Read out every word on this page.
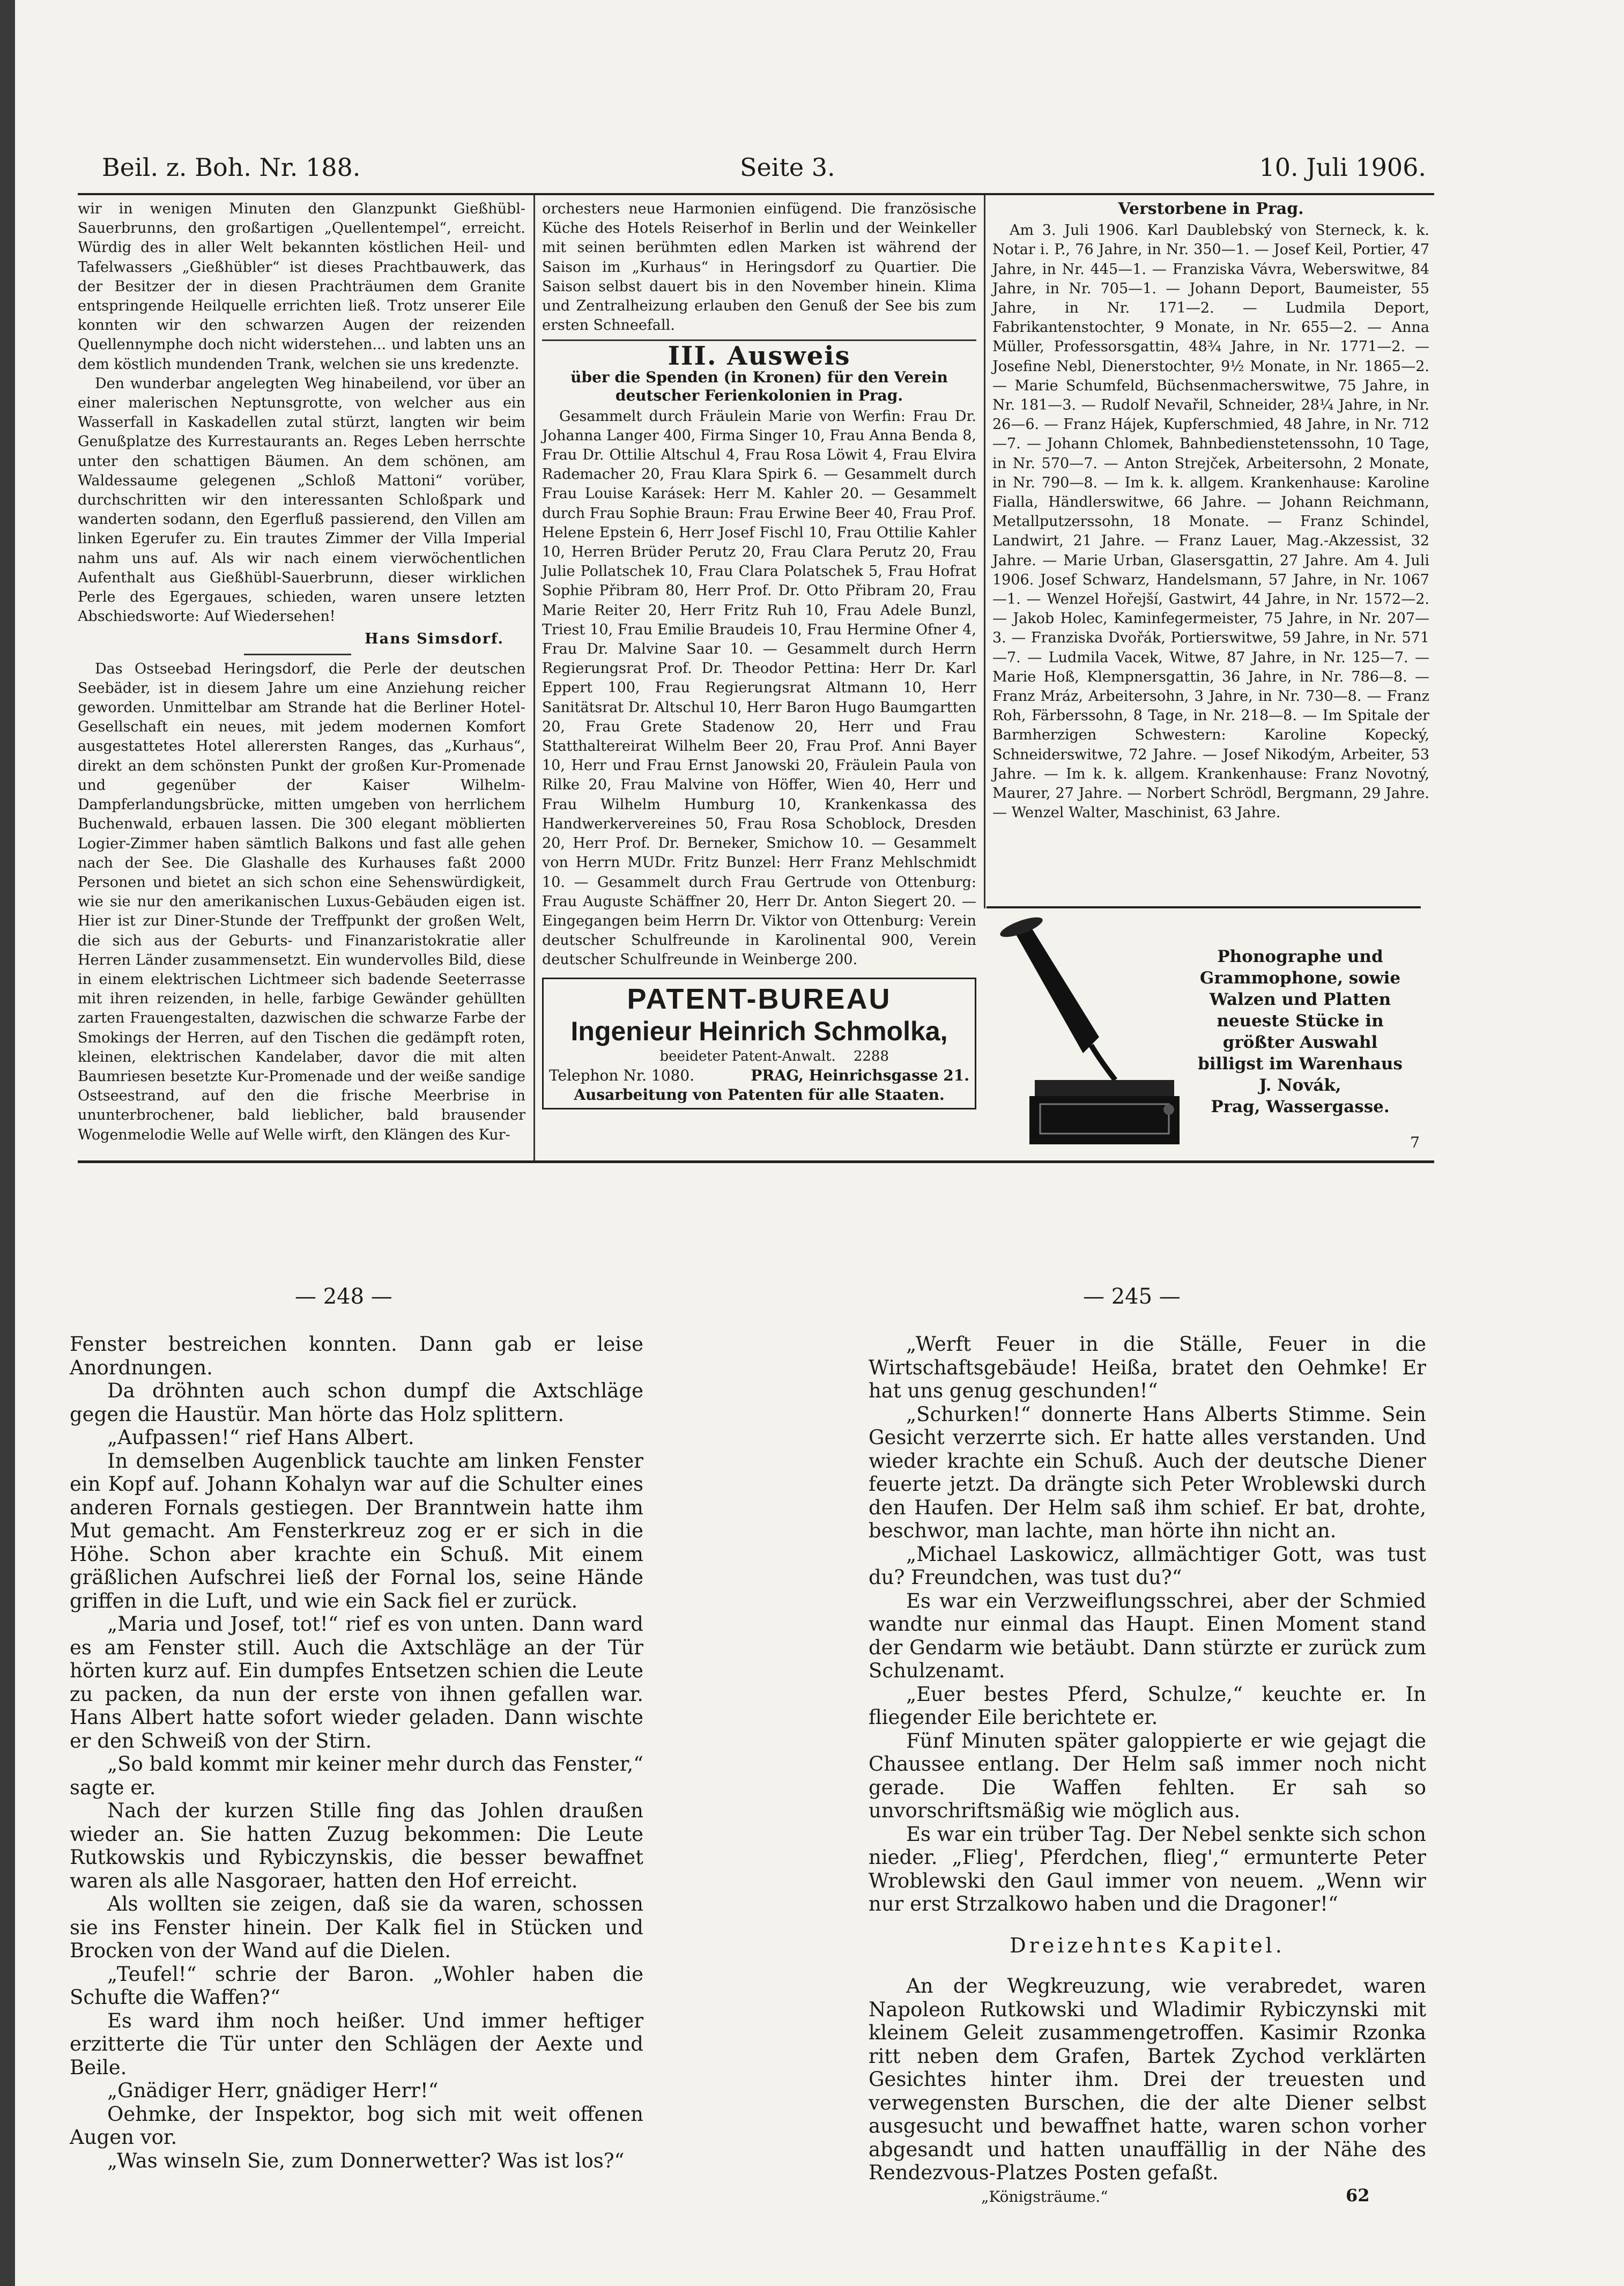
Beil. z. Boh. Nr. 188.	Seite 3.	10. Juli 1906.

wir in wenigen Minuten den Glanzpunkt Gießhübl-Sauerbrunns, den großartigen „Quellentempel“, erreicht. Würdig des in aller Welt bekannten köstlichen Heil- und Tafelwassers „Gießhübler“ ist dieses Prachtbauwerk, das der Besitzer der in diesen Prachträumen dem Granite entspringende Heilquelle errichten ließ. Trotz unserer Eile konnten wir den schwarzen Augen der reizenden Quellennymphe doch nicht widerstehen... und labten uns an dem köstlich mundenden Trank, welchen sie uns kredenzte.

Den wunderbar angelegten Weg hinabeilend, vor über an einer malerischen Neptunsgrotte, von welcher aus ein Wasserfall in Kaskadellen zutal stürzt, langten wir beim Genußplatze des Kurrestaurants an. Reges Leben herrschte unter den schattigen Bäumen. An dem schönen, am Waldessaume gelegenen „Schloß Mattoni“ vorüber, durchschritten wir den interessanten Schloßpark und wanderten sodann, den Egerfluß passierend, den Villen am linken Egerufer zu. Ein trautes Zimmer der Villa Imperial nahm uns auf. Als wir nach einem vierwöchentlichen Aufenthalt aus Gießhübl-Sauerbrunn, dieser wirklichen Perle des Egergaues, schieden, waren unsere letzten Abschiedsworte: Auf Wiedersehen!

Hans Simsdorf.

Das Ostseebad Heringsdorf, die Perle der deutschen Seebäder, ist in diesem Jahre um eine Anziehung reicher geworden. Unmittelbar am Strande hat die Berliner Hotel-Gesellschaft ein neues, mit jedem modernen Komfort ausgestattetes Hotel allerersten Ranges, das „Kurhaus“, direkt an dem schönsten Punkt der großen Kur-Promenade und gegenüber der Kaiser Wilhelm-Dampferlandungsbrücke, mitten umgeben von herrlichem Buchenwald, erbauen lassen. Die 300 elegant möblierten Logier-Zimmer haben sämtlich Balkons und fast alle gehen nach der See. Die Glashalle des Kurhauses faßt 2000 Personen und bietet an sich schon eine Sehenswürdigkeit, wie sie nur den amerikanischen Luxus-Gebäuden eigen ist. Hier ist zur Diner-Stunde der Treffpunkt der großen Welt, die sich aus der Geburts- und Finanzaristokratie aller Herren Länder zusammensetzt. Ein wundervolles Bild, diese in einem elektrischen Lichtmeer sich badende Seeterrasse mit ihren reizenden, in helle, farbige Gewänder gehüllten zarten Frauengestalten, dazwischen die schwarze Farbe der Smokings der Herren, auf den Tischen die gedämpft roten, kleinen, elektrischen Kandelaber, davor die mit alten Baumriesen besetzte Kur-Promenade und der weiße sandige Ostseestrand, auf den die frische Meerbrise in ununterbrochener, bald lieblicher, bald brausender Wogenmelodie Welle auf Welle wirft, den Klängen des Kur-

orchesters neue Harmonien einfügend. Die französische Küche des Hotels Reiserhof in Berlin und der Weinkeller mit seinen berühmten edlen Marken ist während der Saison im „Kurhaus“ in Heringsdorf zu Quartier. Die Saison selbst dauert bis in den November hinein. Klima und Zentralheizung erlauben den Genuß der See bis zum ersten Schneefall.

III. Ausweis
über die Spenden (in Kronen) für den Verein deutscher Ferienkolonien in Prag.

Gesammelt durch Fräulein Marie von Werfin: Frau Dr. Johanna Langer 400, Firma Singer 10, Frau Anna Benda 8, Frau Dr. Ottilie Altschul 4, Frau Rosa Löwit 4, Frau Elvira Rademacher 20, Frau Klara Spirk 6. — Gesammelt durch Frau Louise Karásek: Herr M. Kahler 20. — Gesammelt durch Frau Sophie Braun: Frau Erwine Beer 40, Frau Prof. Helene Epstein 6, Herr Josef Fischl 10, Frau Ottilie Kahler 10, Herren Brüder Perutz 20, Frau Clara Perutz 20, Frau Julie Pollatschek 10, Frau Clara Polatschek 5, Frau Hofrat Sophie Přibram 80, Herr Prof. Dr. Otto Přibram 20, Frau Marie Reiter 20, Herr Fritz Ruh 10, Frau Adele Bunzl, Triest 10, Frau Emilie Braudeis 10, Frau Hermine Ofner 4, Frau Dr. Malvine Saar 10. — Gesammelt durch Herrn Regierungsrat Prof. Dr. Theodor Pettina: Herr Dr. Karl Eppert 100, Frau Regierungsrat Altmann 10, Herr Sanitätsrat Dr. Altschul 10, Herr Baron Hugo Baumgartten 20, Frau Grete Stadenow 20, Herr und Frau Statthaltereirat Wilhelm Beer 20, Frau Prof. Anni Bayer 10, Herr und Frau Ernst Janowski 20, Fräulein Paula von Rilke 20, Frau Malvine von Höffer, Wien 40, Herr und Frau Wilhelm Humburg 10, Krankenkassa des Handwerkervereines 50, Frau Rosa Schoblock, Dresden 20, Herr Prof. Dr. Berneker, Smichow 10. — Gesammelt von Herrn MUDr. Fritz Bunzel: Herr Franz Mehlschmidt 10. — Gesammelt durch Frau Gertrude von Ottenburg: Frau Auguste Schäffner 20, Herr Dr. Anton Siegert 20. — Eingegangen beim Herrn Dr. Viktor von Ottenburg: Verein deutscher Schulfreunde in Karolinental 900, Verein deutscher Schulfreunde in Weinberge 200.

PATENT-BUREAU
Ingenieur Heinrich Schmolka,
beeideter Patent-Anwalt. 2288
Telephon Nr. 1080.	PRAG, Heinrichsgasse 21.
Ausarbeitung von Patenten für alle Staaten.
Verstorbene in Prag.

Am 3. Juli 1906. Karl Daublebský von Sterneck, k. k. Notar i. P., 76 Jahre, in Nr. 350—1. — Josef Keil, Portier, 47 Jahre, in Nr. 445—1. — Franziska Vávra, Weberswitwe, 84 Jahre, in Nr. 705—1. — Johann Deport, Baumeister, 55 Jahre, in Nr. 171—2. — Ludmila Deport, Fabrikantenstochter, 9 Monate, in Nr. 655—2. — Anna Müller, Professorsgattin, 48¾ Jahre, in Nr. 1771—2. — Josefine Nebl, Dienerstochter, 9½ Monate, in Nr. 1865—2. — Marie Schumfeld, Büchsenmacherswitwe, 75 Jahre, in Nr. 181—3. — Rudolf Nevařil, Schneider, 28¼ Jahre, in Nr. 26—6. — Franz Hájek, Kupferschmied, 48 Jahre, in Nr. 712—7. — Johann Chlomek, Bahnbedienstetenssohn, 10 Tage, in Nr. 570—7. — Anton Strejček, Arbeitersohn, 2 Monate, in Nr. 790—8. — Im k. k. allgem. Krankenhause: Karoline Fialla, Händlerswitwe, 66 Jahre. — Johann Reichmann, Metallputzerssohn, 18 Monate. — Franz Schindel, Landwirt, 21 Jahre. — Franz Lauer, Mag.-Akzessist, 32 Jahre. — Marie Urban, Glasersgattin, 27 Jahre. Am 4. Juli 1906. Josef Schwarz, Handelsmann, 57 Jahre, in Nr. 1067—1. — Wenzel Hořejší, Gastwirt, 44 Jahre, in Nr. 1572—2. — Jakob Holec, Kaminfegermeister, 75 Jahre, in Nr. 207—3. — Franziska Dvořák, Portierswitwe, 59 Jahre, in Nr. 571—7. — Ludmila Vacek, Witwe, 87 Jahre, in Nr. 125—7. — Marie Hoß, Klempnersgattin, 36 Jahre, in Nr. 786—8. — Franz Mráz, Arbeitersohn, 3 Jahre, in Nr. 730—8. — Franz Roh, Färberssohn, 8 Tage, in Nr. 218—8. — Im Spitale der Barmherzigen Schwestern: Karoline Kopecký, Schneiderswitwe, 72 Jahre. — Josef Nikodým, Arbeiter, 53 Jahre. — Im k. k. allgem. Krankenhause: Franz Novotný, Maurer, 27 Jahre. — Norbert Schrödl, Bergmann, 29 Jahre. — Wenzel Walter, Maschinist, 63 Jahre.

Phonographe und
Grammophone, sowie
Walzen und Platten
neueste Stücke in
größter Auswahl
billigst im Warenhaus
J. Novák,
Prag, Wassergasse.
7
— 248 —	— 245 —

Fenster bestreichen konnten. Dann gab er leise Anordnungen.

Da dröhnten auch schon dumpf die Axtschläge gegen die Haustür. Man hörte das Holz splittern.

„Aufpassen!“ rief Hans Albert.

In demselben Augenblick tauchte am linken Fenster ein Kopf auf. Johann Kohalyn war auf die Schulter eines anderen Fornals gestiegen. Der Branntwein hatte ihm Mut gemacht. Am Fensterkreuz zog er er sich in die Höhe. Schon aber krachte ein Schuß. Mit einem gräßlichen Aufschrei ließ der Fornal los, seine Hände griffen in die Luft, und wie ein Sack fiel er zurück.

„Maria und Josef, tot!“ rief es von unten. Dann ward es am Fenster still. Auch die Axtschläge an der Tür hörten kurz auf. Ein dumpfes Entsetzen schien die Leute zu packen, da nun der erste von ihnen gefallen war. Hans Albert hatte sofort wieder geladen. Dann wischte er den Schweiß von der Stirn.

„So bald kommt mir keiner mehr durch das Fenster,“ sagte er.

Nach der kurzen Stille fing das Johlen draußen wieder an. Sie hatten Zuzug bekommen: Die Leute Rutkowskis und Rybiczynskis, die besser bewaffnet waren als alle Nasgoraer, hatten den Hof erreicht.

Als wollten sie zeigen, daß sie da waren, schossen sie ins Fenster hinein. Der Kalk fiel in Stücken und Brocken von der Wand auf die Dielen.

„Teufel!“ schrie der Baron. „Wohler haben die Schufte die Waffen?“

Es ward ihm noch heißer. Und immer heftiger erzitterte die Tür unter den Schlägen der Aexte und Beile.

„Gnädiger Herr, gnädiger Herr!“

Oehmke, der Inspektor, bog sich mit weit offenen Augen vor.

„Was winseln Sie, zum Donnerwetter? Was ist los?“

„Werft Feuer in die Ställe, Feuer in die Wirtschaftsgebäude! Heißa, bratet den Oehmke! Er hat uns genug geschunden!“

„Schurken!“ donnerte Hans Alberts Stimme. Sein Gesicht verzerrte sich. Er hatte alles verstanden. Und wieder krachte ein Schuß. Auch der deutsche Diener feuerte jetzt. Da drängte sich Peter Wroblewski durch den Haufen. Der Helm saß ihm schief. Er bat, drohte, beschwor, man lachte, man hörte ihn nicht an.

„Michael Laskowicz, allmächtiger Gott, was tust du? Freundchen, was tust du?“

Es war ein Verzweiflungsschrei, aber der Schmied wandte nur einmal das Haupt. Einen Moment stand der Gendarm wie betäubt. Dann stürzte er zurück zum Schulzenamt.

„Euer bestes Pferd, Schulze,“ keuchte er. In fliegender Eile berichtete er.

Fünf Minuten später galoppierte er wie gejagt die Chaussee entlang. Der Helm saß immer noch nicht gerade. Die Waffen fehlten. Er sah so unvorschriftsmäßig wie möglich aus.

Es war ein trüber Tag. Der Nebel senkte sich schon nieder. „Flieg', Pferdchen, flieg',“ ermunterte Peter Wroblewski den Gaul immer von neuem. „Wenn wir nur erst Strzalkowo haben und die Dragoner!“

Dreizehntes Kapitel.

An der Wegkreuzung, wie verabredet, waren Napoleon Rutkowski und Wladimir Rybiczynski mit kleinem Geleit zusammengetroffen. Kasimir Rzonka ritt neben dem Grafen, Bartek Zychod verklärten Gesichtes hinter ihm. Drei der treuesten und verwegensten Burschen, die der alte Diener selbst ausgesucht und bewaffnet hatte, waren schon vorher abgesandt und hatten unauffällig in der Nähe des Rendezvous-Platzes Posten gefaßt.

„Königsträume.“	62
